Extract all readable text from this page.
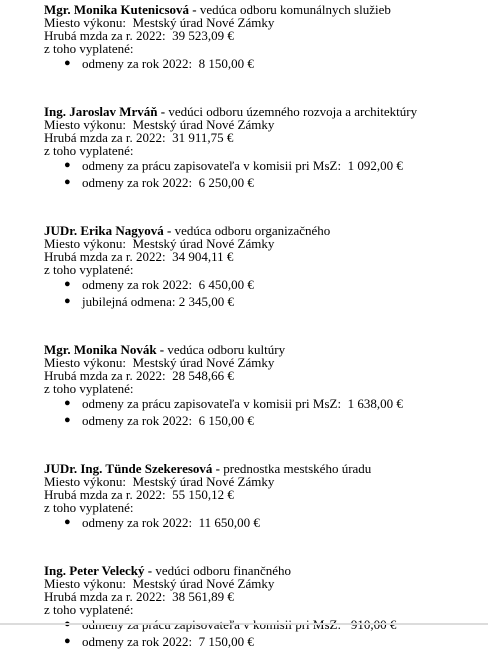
Mgr. Monika Kutenicsová - vedúca odboru komunálnych služieb
Miesto výkonu: Mestský úrad Nové Zámky
Hrubá mzda za r. 2022: 39 523,09 €
z toho vyplatené:
● odmeny za rok 2022:  8 150,00 €
Ing. Jaroslav Mrváň - vedúci odboru územného rozvoja a architektúry
Miesto výkonu: Mestský úrad Nové Zámky
Hrubá mzda za r. 2022: 31 911,75 €
z toho vyplatené:
● odmeny za prácu zapisovateľa v komisii pri MsZ:  1 092,00 €
● odmeny za rok 2022:  6 250,00 €
JUDr. Erika Nagyová - vedúca odboru organizačného
Miesto výkonu: Mestský úrad Nové Zámky
Hrubá mzda za r. 2022: 34 904,11 €
z toho vyplatené:
● odmeny za rok 2022:  6 450,00 €
● jubilejná odmena: 2 345,00 €
Mgr. Monika Novák - vedúca odboru kultúry
Miesto výkonu: Mestský úrad Nové Zámky
Hrubá mzda za r. 2022: 28 548,66 €
z toho vyplatené:
● odmeny za prácu zapisovateľa v komisii pri MsZ:  1 638,00 €
● odmeny za rok 2022:  6 150,00 €
JUDr. Ing. Tünde Szekeresová - prednostka mestského úradu
Miesto výkonu: Mestský úrad Nové Zámky
Hrubá mzda za r. 2022: 55 150,12 €
z toho vyplatené:
● odmeny za rok 2022:  11 650,00 €
Ing. Peter Velecký - vedúci odboru finančného
Miesto výkonu: Mestský úrad Nové Zámky
Hrubá mzda za r. 2022: 38 561,89 €
z toho vyplatené:
● odmeny za rok 2022:  7 150,00 €
